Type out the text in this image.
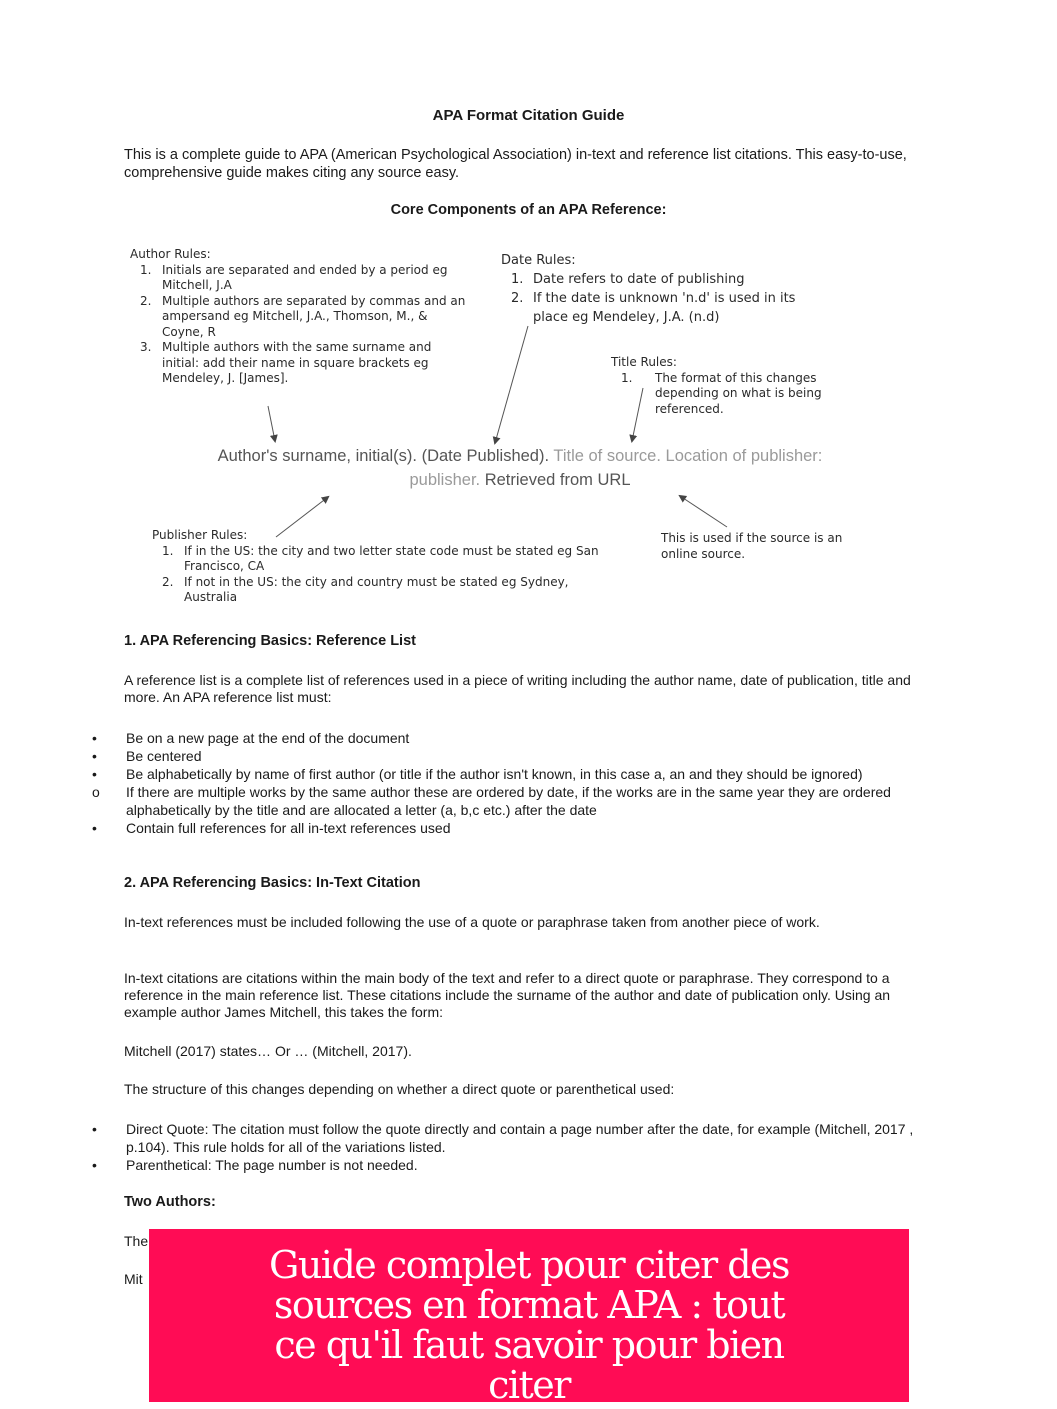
APA Format Citation Guide

This is a complete guide to APA (American Psychological Association) in-text and reference list citations. This easy-to-use, comprehensive guide makes citing any source easy.

Core Components of an APA Reference:
Author Rules:
1. Initials are separated and ended by a period eg Mitchell, J.A
2. Multiple authors are separated by commas and an ampersand eg Mitchell, J.A., Thomson, M., & Coyne, R
3. Multiple authors with the same surname and initial: add their name in square brackets eg Mendeley, J. [James].
Date Rules:
1. Date refers to date of publishing
2. If the date is unknown 'n.d' is used in its place eg Mendeley, J.A. (n.d)
Title Rules:
1.	The format of this changes depending on what is being referenced.
Author's surname, initial(s). (Date Published). Title of source. Location of publisher: publisher. Retrieved from URL
Publisher Rules:
1. If in the US: the city and two letter state code must be stated eg San Francisco, CA
2. If not in the US: the city and country must be stated eg Sydney, Australia
This is used if the source is an online source.
1. APA Referencing Basics: Reference List

A reference list is a complete list of references used in a piece of writing including the author name, date of publication, title and more. An APA reference list must:

•	Be on a new page at the end of the document
•	Be centered
•	Be alphabetically by name of first author (or title if the author isn't known, in this case a, an and they should be ignored)
o	If there are multiple works by the same author these are ordered by date, if the works are in the same year they are ordered alphabetically by the title and are allocated a letter (a, b,c etc.) after the date
•	Contain full references for all in-text references used
2. APA Referencing Basics: In-Text Citation

In-text references must be included following the use of a quote or paraphrase taken from another piece of work.

In-text citations are citations within the main body of the text and refer to a direct quote or paraphrase. They correspond to a reference in the main reference list. These citations include the surname of the author and date of publication only. Using an example author James Mitchell, this takes the form:

Mitchell (2017) states… Or … (Mitchell, 2017).

The structure of this changes depending on whether a direct quote or parenthetical used:

•	Direct Quote: The citation must follow the quote directly and contain a page number after the date, for example (Mitchell, 2017 , p.104). This rule holds for all of the variations listed.
•	Parenthetical: The page number is not needed.
Two Authors:

The

Mit	Guide complet pour citer des sources en format APA : tout ce qu'il faut savoir pour bien citer
